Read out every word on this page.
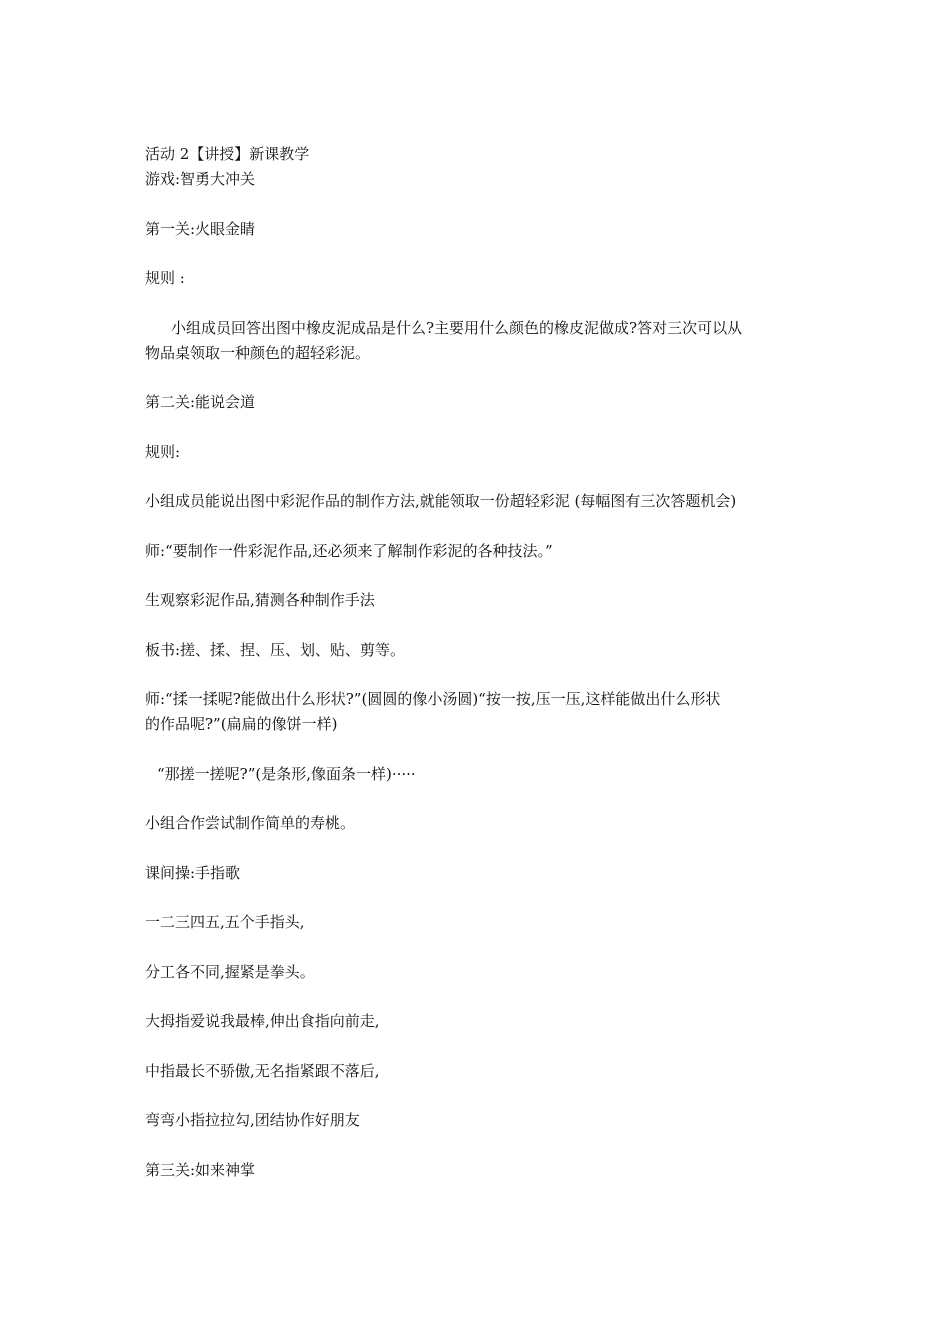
活动 2【讲授】新课教学
游戏:智勇大冲关
第一关:火眼金睛
规则 :
小组成员回答出图中橡皮泥成品是什么?主要用什么颜色的橡皮泥做成?答对三次可以从
物品桌领取一种颜色的超轻彩泥。
第二关:能说会道
规则:
小组成员能说出图中彩泥作品的制作方法,就能领取一份超轻彩泥 (每幅图有三次答题机会)
师:“要制作一件彩泥作品,还必须来了解制作彩泥的各种技法。”
生观察彩泥作品,猜测各种制作手法
板书:搓、揉、捏、压、划、贴、剪等。
师:“揉一揉呢?能做出什么形状?”(圆圆的像小汤圆)“按一按,压一压,这样能做出什么形状
的作品呢?”(扁扁的像饼一样)
“那搓一搓呢?”(是条形,像面条一样)·····
小组合作尝试制作简单的寿桃。
课间操:手指歌
一二三四五,五个手指头,
分工各不同,握紧是拳头。
大拇指爱说我最棒,伸出食指向前走,
中指最长不骄傲,无名指紧跟不落后,
弯弯小指拉拉勾,团结协作好朋友
第三关:如来神掌
